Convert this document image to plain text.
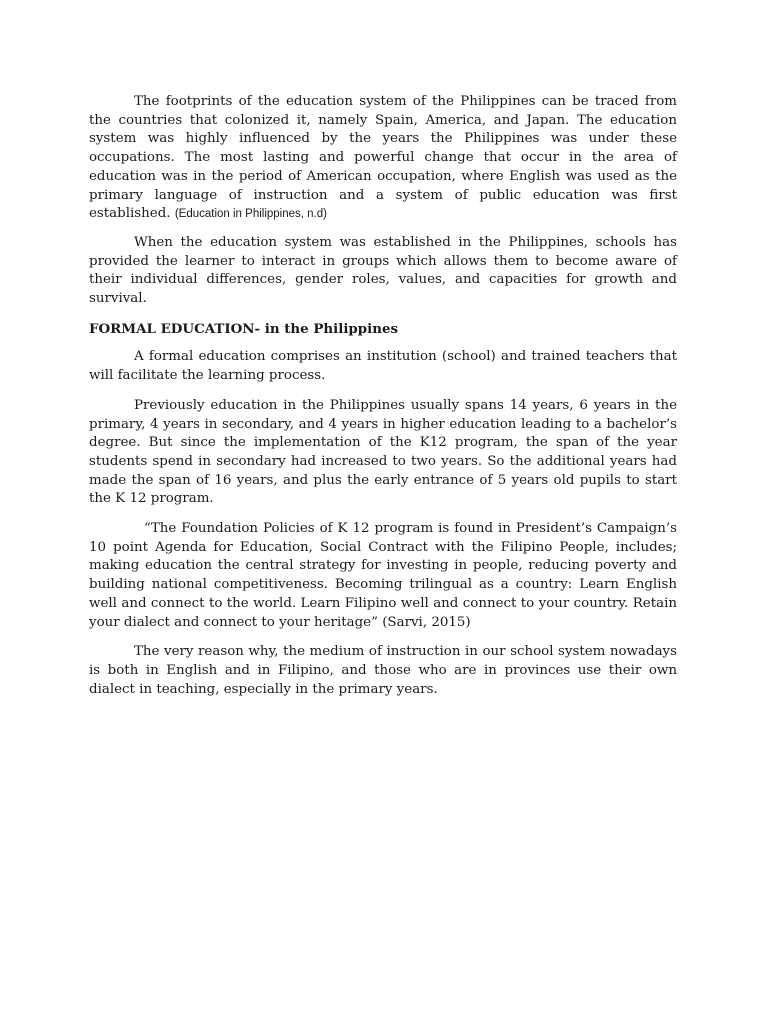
The footprints of the education system of the Philippines can be traced from the countries that colonized it, namely Spain, America, and Japan. The education system was highly influenced by the years the Philippines was under these occupations. The most lasting and powerful change that occur in the area of education was in the period of American occupation, where English was used as the primary language of instruction and a system of public education was first established. (Education in Philippines, n.d)

When the education system was established in the Philippines, schools has provided the learner to interact in groups which allows them to become aware of their individual differences, gender roles, values, and capacities for growth and survival.

FORMAL EDUCATION- in the Philippines

A formal education comprises an institution (school) and trained teachers that will facilitate the learning process.

Previously education in the Philippines usually spans 14 years, 6 years in the primary, 4 years in secondary, and 4 years in higher education leading to a bachelor’s degree. But since the implementation of the K12 program, the span of the year students spend in secondary had increased to two years. So the additional years had made the span of 16 years, and plus the early entrance of 5 years old pupils to start the K 12 program.

“The Foundation Policies of K 12 program is found in President’s Campaign’s 10 point Agenda for Education, Social Contract with the Filipino People, includes; making education the central strategy for investing in people, reducing poverty and building national competitiveness. Becoming trilingual as a country: Learn English well and connect to the world. Learn Filipino well and connect to your country. Retain your dialect and connect to your heritage” (Sarvi, 2015)

The very reason why, the medium of instruction in our school system nowadays is both in English and in Filipino, and those who are in provinces use their own dialect in teaching, especially in the primary years.
